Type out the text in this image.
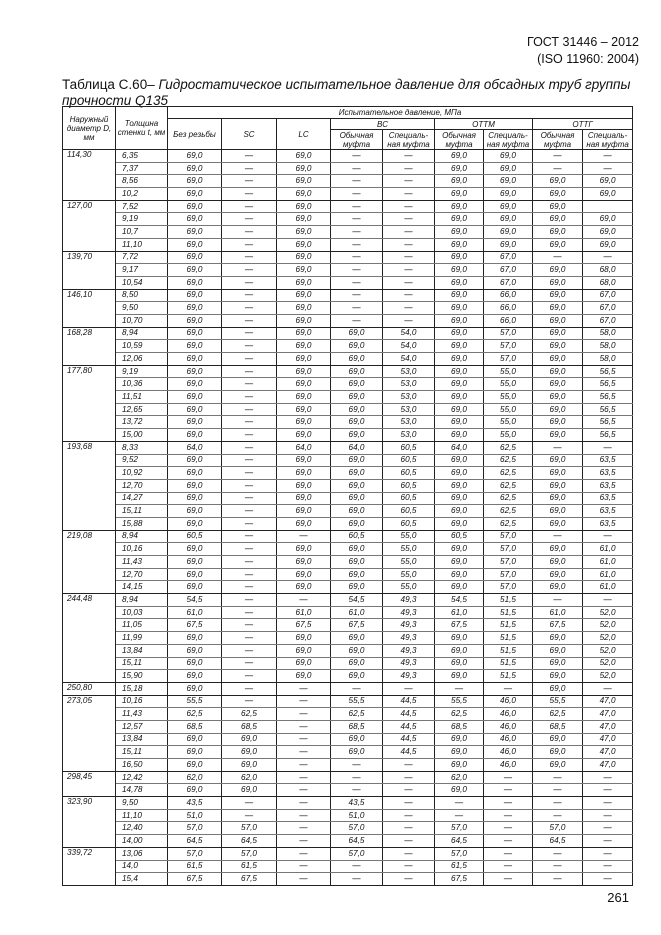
ГОСТ 31446 – 2012
(ISO 11960: 2004)
Таблица С.60– Гидростатическое испытательное давление для обсадных труб группы прочности Q135
Наружный диаметр D, мм	Толщина стенки t, мм	Испытательное давление, МПа								
		Без резьбы	SC	LC	BC		ОТТМ		ОТТГ	
					Обычная муфта	Специаль-ная муфта	Обычная муфта	Специаль-ная муфта	Обычная муфта	Специаль-ная муфта
114,30	6,35	69,0	—	69,0	—	—	69,0	69,0	—	—
	7,37	69,0	—	69,0	—	—	69,0	69,0	—	—
	8,56	69,0	—	69,0	—	—	69,0	69,0	69,0	69,0
	10,2	69,0	—	69,0	—	—	69,0	69,0	69,0	69,0
127,00	7,52	69,0	—	69,0	—	—	69,0	69,0	69,0	
	9,19	69,0	—	69,0	—	—	69,0	69,0	69,0	69,0
	10,7	69,0	—	69,0	—	—	69,0	69,0	69,0	69,0
	11,10	69,0	—	69,0	—	—	69,0	69,0	69,0	69,0
139,70	7,72	69,0	—	69,0	—	—	69,0	67,0	—	—
	9,17	69,0	—	69,0	—	—	69,0	67,0	69,0	68,0
	10,54	69,0	—	69,0	—	—	69,0	67,0	69,0	68,0
146,10	8,50	69,0	—	69,0	—	—	69,0	66,0	69,0	67,0
	9,50	69,0	—	69,0	—	—	69,0	66,0	69,0	67,0
	10,70	69,0	—	69,0	—	—	69,0	66,0	69,0	67,0
168,28	8,94	69,0	—	69,0	69,0	54,0	69,0	57,0	69,0	58,0
	10,59	69,0	—	69,0	69,0	54,0	69,0	57,0	69,0	58,0
	12,06	69,0	—	69,0	69,0	54,0	69,0	57,0	69,0	58,0
177,80	9,19	69,0	—	69,0	69,0	53,0	69,0	55,0	69,0	56,5
	10,36	69,0	—	69,0	69,0	53,0	69,0	55,0	69,0	56,5
	11,51	69,0	—	69,0	69,0	53,0	69,0	55,0	69,0	56,5
	12,65	69,0	—	69,0	69,0	53,0	69,0	55,0	69,0	56,5
	13,72	69,0	—	69,0	69,0	53,0	69,0	55,0	69,0	56,5
	15,00	69,0	—	69,0	69,0	53,0	69,0	55,0	69,0	56,5
193,68	8,33	64,0	—	64,0	64,0	60,5	64,0	62,5	—	—
	9,52	69,0	—	69,0	69,0	60,5	69,0	62,5	69,0	63,5
	10,92	69,0	—	69,0	69,0	60,5	69,0	62,5	69,0	63,5
	12,70	69,0	—	69,0	69,0	60,5	69,0	62,5	69,0	63,5
	14,27	69,0	—	69,0	69,0	60,5	69,0	62,5	69,0	63,5
	15,11	69,0	—	69,0	69,0	60,5	69,0	62,5	69,0	63,5
	15,88	69,0	—	69,0	69,0	60,5	69,0	62,5	69,0	63,5
219,08	8,94	60,5	—	—	60,5	55,0	60,5	57,0	—	—
	10,16	69,0	—	69,0	69,0	55,0	69,0	57,0	69,0	61,0
	11,43	69,0	—	69,0	69,0	55,0	69,0	57,0	69,0	61,0
	12,70	69,0	—	69,0	69,0	55,0	69,0	57,0	69,0	61,0
	14,15	69,0	—	69,0	69,0	55,0	69,0	57,0	69,0	61,0
244,48	8,94	54,5	—	—	54,5	49,3	54,5	51,5	—	—
	10,03	61,0	—	61,0	61,0	49,3	61,0	51,5	61,0	52,0
	11,05	67,5	—	67,5	67,5	49,3	67,5	51,5	67,5	52,0
	11,99	69,0	—	69,0	69,0	49,3	69,0	51,5	69,0	52,0
	13,84	69,0	—	69,0	69,0	49,3	69,0	51,5	69,0	52,0
	15,11	69,0	—	69,0	69,0	49,3	69,0	51,5	69,0	52,0
	15,90	69,0	—	69,0	69,0	49,3	69,0	51,5	69,0	52,0
250,80	15,18	69,0	—	—	—	—	—	—	69,0	—
273,05	10,16	55,5	—	—	55,5	44,5	55,5	46,0	55,5	47,0
	11,43	62,5	62,5	—	62,5	44,5	62,5	46,0	62,5	47,0
	12,57	68,5	68,5	—	68,5	44,5	68,5	46,0	68,5	47,0
	13,84	69,0	69,0	—	69,0	44,5	69,0	46,0	69,0	47,0
	15,11	69,0	69,0	—	69,0	44,5	69,0	46,0	69,0	47,0
	16,50	69,0	69,0	—	—	—	69,0	46,0	69,0	47,0
298,45	12,42	62,0	62,0	—	—	—	62,0	—	—	—
	14,78	69,0	69,0	—	—	—	69,0	—	—	—
323,90	9,50	43,5	—	—	43,5	—	—	—	—	—
	11,10	51,0	—	—	51,0	—	—	—	—	—
	12,40	57,0	57,0	—	57,0	—	57,0	—	57,0	—
	14,00	64,5	64,5	—	64,5	—	64,5	—	64,5	—
339,72	13,06	57,0	57,0	—	57,0	—	57,0	—	—	—
	14,0	61,5	61,5	—	—	—	61,5	—	—	—
	15,4	67,5	67,5	—	—	—	67,5	—	—	—
261
